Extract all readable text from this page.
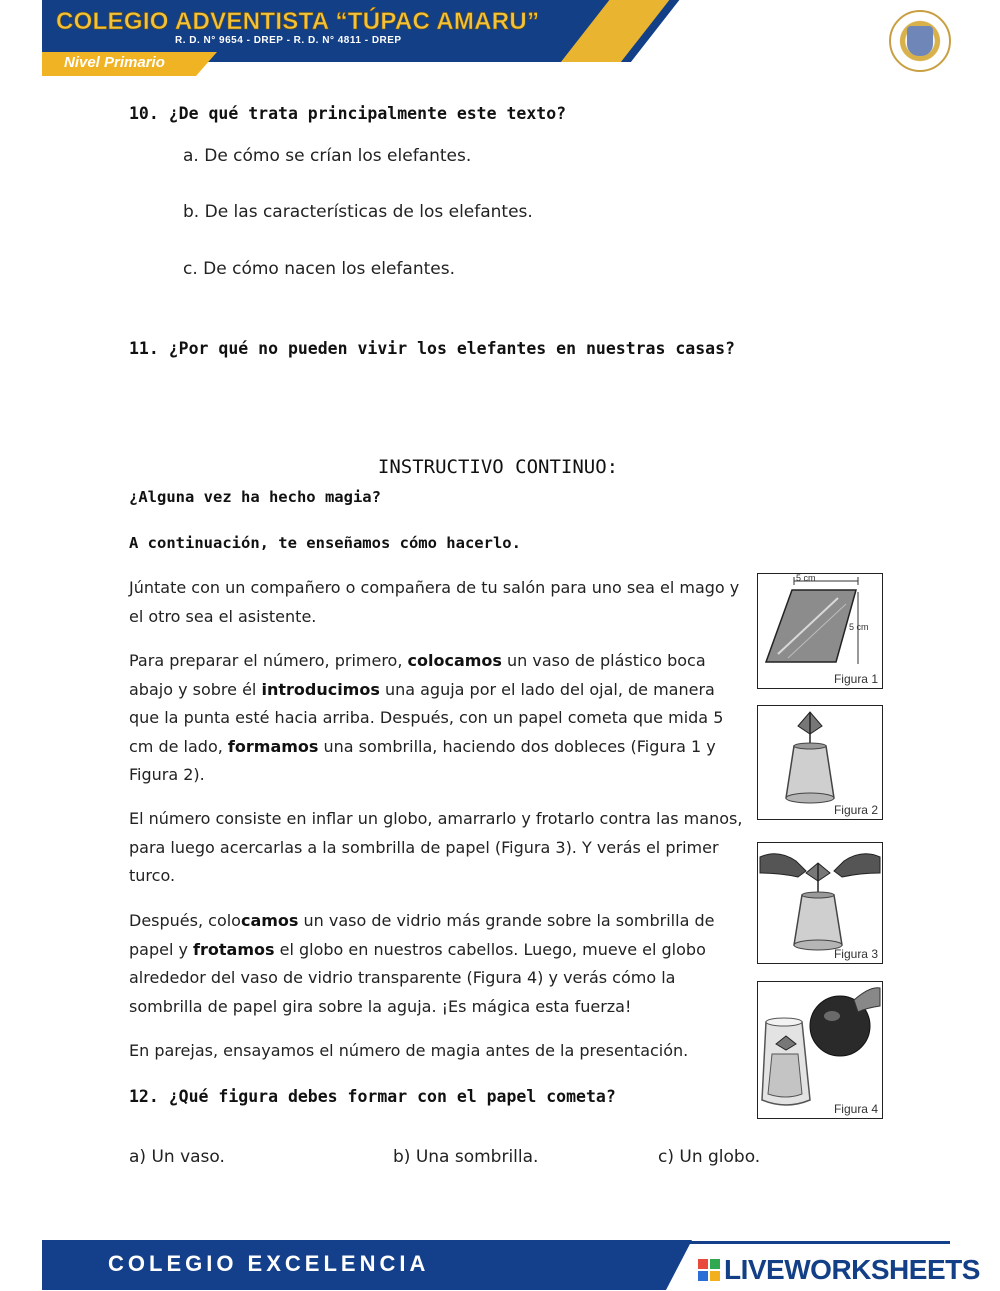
COLEGIO ADVENTISTA “TÚPAC AMARU”
R. D. N° 9654 - DREP - R. D. N° 4811 - DREP
Nivel Primario
10. ¿De qué trata principalmente este texto?
a. De cómo se crían los elefantes.
b. De las características de los elefantes.
c. De cómo nacen los elefantes.
11. ¿Por qué no pueden vivir los elefantes en nuestras casas?
INSTRUCTIVO CONTINUO:
¿Alguna vez ha hecho magia?
A continuación, te enseñamos cómo hacerlo.
Júntate con un compañero o compañera de tu salón para uno sea el mago y el otro sea el asistente.
Para preparar el número, primero, colocamos un vaso de plástico boca abajo y sobre él introducimos una aguja por el lado del ojal, de manera que la punta esté hacia arriba. Después, con un papel cometa que mida 5 cm de lado, formamos una sombrilla, haciendo dos dobleces (Figura 1 y Figura 2).
El número consiste en inflar un globo, amarrarlo y frotarlo contra las manos, para luego acercarlas a la sombrilla de papel (Figura 3). Y verás el primer turco.
Después, colocamos un vaso de vidrio más grande sobre la sombrilla de papel y frotamos el globo en nuestros cabellos. Luego, mueve el globo alrededor del vaso de vidrio transparente (Figura 4) y verás cómo la sombrilla de papel gira sobre la aguja. ¡Es mágica esta fuerza!
En parejas, ensayamos el número de magia antes de la presentación.
5 cm
5 cm
Figura 1
Figura 2
Figura 3
Figura 4
12. ¿Qué figura debes formar con el papel cometa?
a) Un vaso.	b) Una sombrilla.	c) Un globo.
COLEGIO EXCELENCIA	LIVEWORKSHEETS
